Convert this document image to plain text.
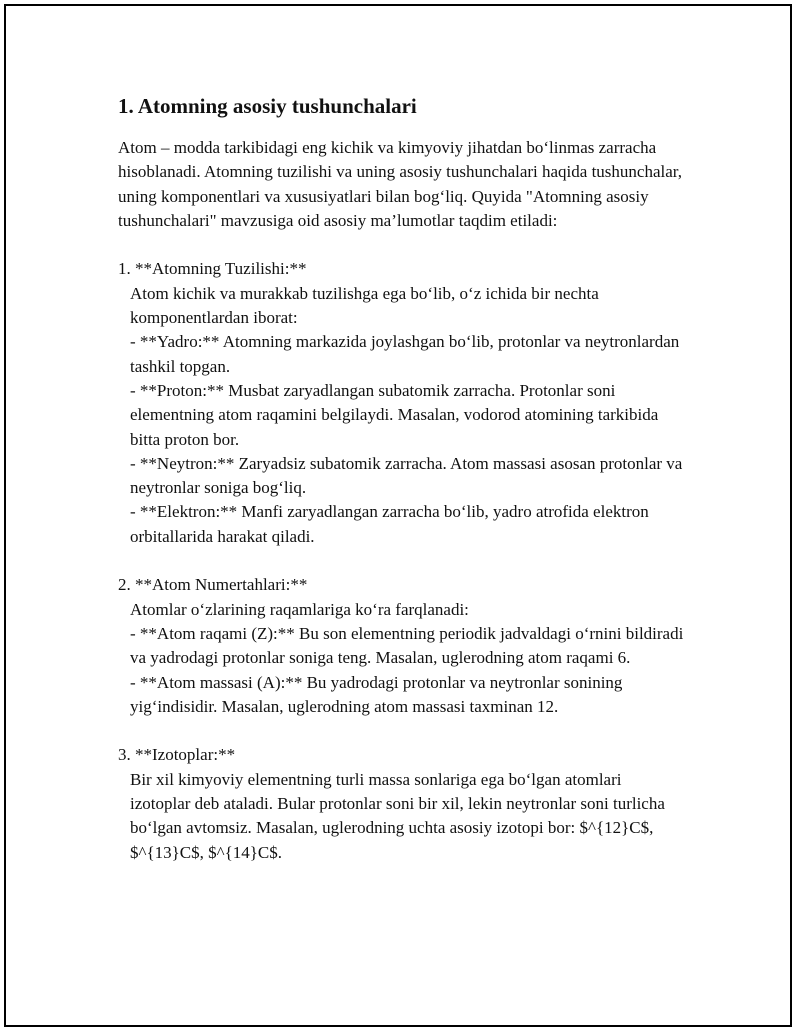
1. Atomning asosiy tushunchalari

Atom – modda tarkibidagi eng kichik va kimyoviy jihatdan bo‘linmas zarracha hisoblanadi. Atomning tuzilishi va uning asosiy tushunchalari haqida tushunchalar, uning komponentlari va xususiyatlari bilan bog‘liq. Quyida "Atomning asosiy tushunchalari" mavzusiga oid asosiy ma’lumotlar taqdim etiladi:

1. **Atomning Tuzilishi:**

Atom kichik va murakkab tuzilishga ega bo‘lib, o‘z ichida bir nechta komponentlardan iborat:

- **Yadro:** Atomning markazida joylashgan bo‘lib, protonlar va neytronlardan tashkil topgan.

- **Proton:** Musbat zaryadlangan subatomik zarracha. Protonlar soni elementning atom raqamini belgilaydi. Masalan, vodorod atomining tarkibida bitta proton bor.

- **Neytron:** Zaryadsiz subatomik zarracha. Atom massasi asosan protonlar va neytronlar soniga bog‘liq.

- **Elektron:** Manfi zaryadlangan zarracha bo‘lib, yadro atrofida elektron orbitallarida harakat qiladi.

2. **Atom Numertahlari:**

Atomlar o‘zlarining raqamlariga ko‘ra farqlanadi:

- **Atom raqami (Z):** Bu son elementning periodik jadvaldagi o‘rnini bildiradi va yadrodagi protonlar soniga teng. Masalan, uglerodning atom raqami 6.

- **Atom massasi (A):** Bu yadrodagi protonlar va neytronlar sonining yig‘indisidir. Masalan, uglerodning atom massasi taxminan 12.

3. **Izotoplar:**

Bir xil kimyoviy elementning turli massa sonlariga ega bo‘lgan atomlari izotoplar deb ataladi. Bular protonlar soni bir xil, lekin neytronlar soni turlicha bo‘lgan avtomsiz. Masalan, uglerodning uchta asosiy izotopi bor: $^{12}C$, $^{13}C$, $^{14}C$.
